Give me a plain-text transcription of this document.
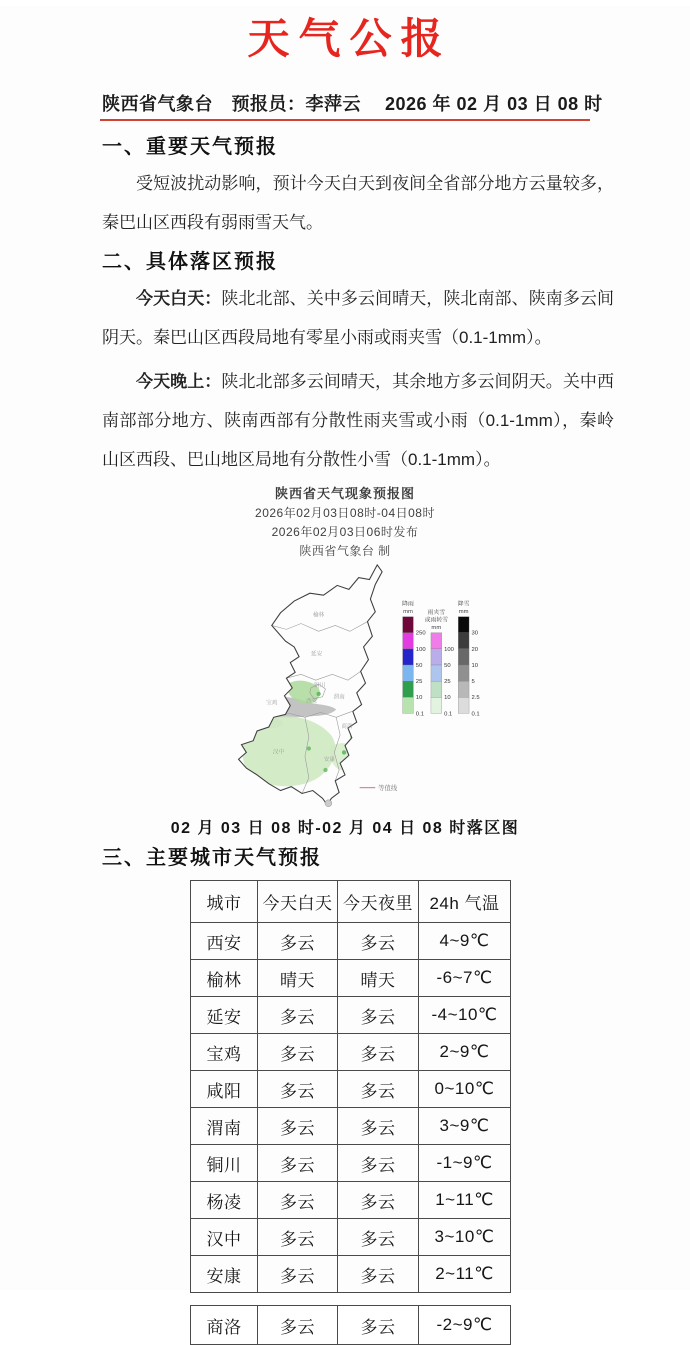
天气公报
陕西省气象台　预报员：李萍云　 2026 年 02 月 03 日 08 时
一、重要天气预报

受短波扰动影响，预计今天白天到夜间全省部分地方云量较多，秦巴山区西段有弱雨雪天气。

二、具体落区预报

今天白天：陕北北部、关中多云间晴天，陕北南部、陕南多云间阴天。秦巴山区西段局地有零星小雨或雨夹雪（0.1-1mm）。

今天晚上：陕北北部多云间晴天，其余地方多云间阴天。关中西南部部分地方、陕南西部有分散性雨夹雪或小雨（0.1-1mm），秦岭山区西段、巴山地区局地有分散性小雪（0.1-1mm）。

陕西省天气现象预报图
2026年02月03日08时-04日08时
2026年02月03日06时发布
陕西省气象台 制
榆林
延安
铜川
渭南
西安
宝鸡
商洛
汉中
安康
250
100
50
25
10
0.1
降雨
mm
100
50
25
10
0.1
雨夹雪
或雨转雪
mm
30
20
10
5
2.5
0.1
降雪
mm
等值线
02 月 03 日 08 时-02 月 04 日 08 时落区图
三、主要城市天气预报
城市	今天白天	今天夜里	24h 气温
西安	多云	多云	4~9℃
榆林	晴天	晴天	-6~7℃
延安	多云	多云	-4~10℃
宝鸡	多云	多云	2~9℃
咸阳	多云	多云	0~10℃
渭南	多云	多云	3~9℃
铜川	多云	多云	-1~9℃
杨凌	多云	多云	1~11℃
汉中	多云	多云	3~10℃
安康	多云	多云	2~11℃
商洛	多云	多云	-2~9℃
